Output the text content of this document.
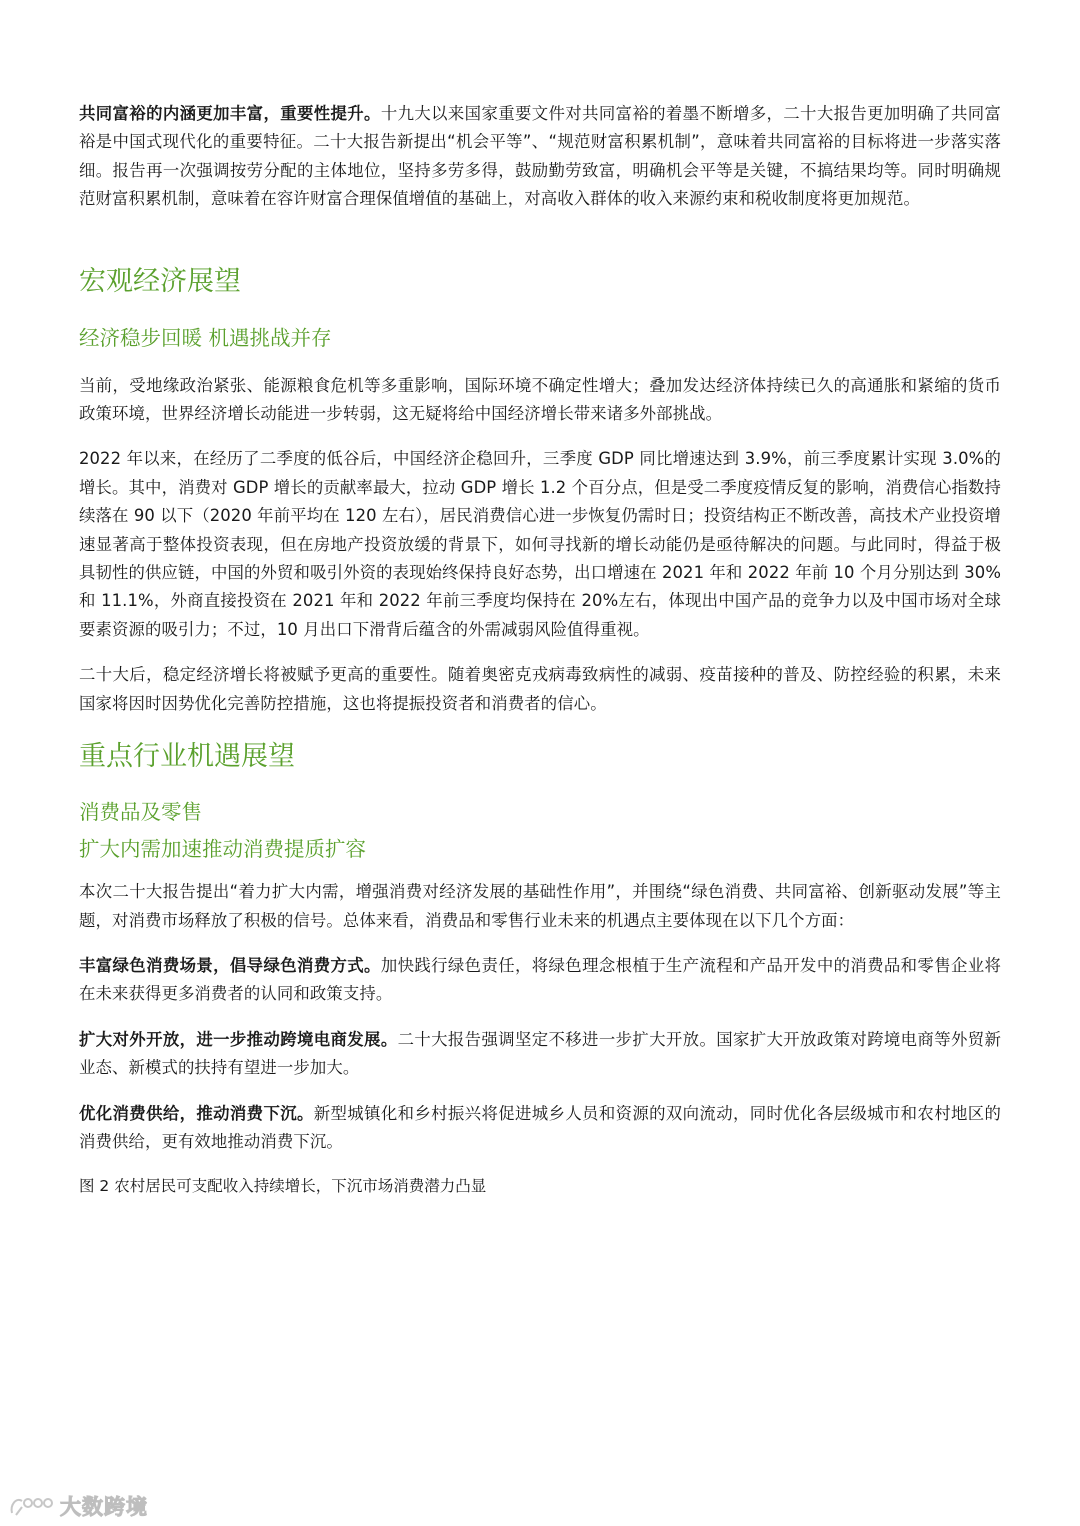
共同富裕的内涵更加丰富，重要性提升。十九大以来国家重要文件对共同富裕的着墨不断增多，二十大报告更加明确了共同富裕是中国式现代化的重要特征。二十大报告新提出“机会平等”、“规范财富积累机制”，意味着共同富裕的目标将进一步落实落细。报告再一次强调按劳分配的主体地位，坚持多劳多得，鼓励勤劳致富，明确机会平等是关键，不搞结果均等。同时明确规范财富积累机制，意味着在容许财富合理保值增值的基础上，对高收入群体的收入来源约束和税收制度将更加规范。

宏观经济展望
经济稳步回暖 机遇挑战并存

当前，受地缘政治紧张、能源粮食危机等多重影响，国际环境不确定性增大；叠加发达经济体持续已久的高通胀和紧缩的货币政策环境，世界经济增长动能进一步转弱，这无疑将给中国经济增长带来诸多外部挑战。

2022 年以来，在经历了二季度的低谷后，中国经济企稳回升，三季度 GDP 同比增速达到 3.9%，前三季度累计实现 3.0%的增长。其中，消费对 GDP 增长的贡献率最大，拉动 GDP 增长 1.2 个百分点，但是受二季度疫情反复的影响，消费信心指数持续落在 90 以下（2020 年前平均在 120 左右），居民消费信心进一步恢复仍需时日；投资结构正不断改善，高技术产业投资增速显著高于整体投资表现，但在房地产投资放缓的背景下，如何寻找新的增长动能仍是亟待解决的问题。与此同时，得益于极具韧性的供应链，中国的外贸和吸引外资的表现始终保持良好态势，出口增速在 2021 年和 2022 年前 10 个月分别达到 30%和 11.1%，外商直接投资在 2021 年和 2022 年前三季度均保持在 20%左右，体现出中国产品的竞争力以及中国市场对全球要素资源的吸引力；不过，10 月出口下滑背后蕴含的外需减弱风险值得重视。

二十大后，稳定经济增长将被赋予更高的重要性。随着奥密克戎病毒致病性的减弱、疫苗接种的普及、防控经验的积累，未来国家将因时因势优化完善防控措施，这也将提振投资者和消费者的信心。

重点行业机遇展望
消费品及零售
扩大内需加速推动消费提质扩容

本次二十大报告提出“着力扩大内需，增强消费对经济发展的基础性作用”，并围绕“绿色消费、共同富裕、创新驱动发展”等主题，对消费市场释放了积极的信号。总体来看，消费品和零售行业未来的机遇点主要体现在以下几个方面：

丰富绿色消费场景，倡导绿色消费方式。加快践行绿色责任，将绿色理念根植于生产流程和产品开发中的消费品和零售企业将在未来获得更多消费者的认同和政策支持。

扩大对外开放，进一步推动跨境电商发展。二十大报告强调坚定不移进一步扩大开放。国家扩大开放政策对跨境电商等外贸新业态、新模式的扶持有望进一步加大。

优化消费供给，推动消费下沉。新型城镇化和乡村振兴将促进城乡人员和资源的双向流动，同时优化各层级城市和农村地区的消费供给，更有效地推动消费下沉。

图 2 农村居民可支配收入持续增长，下沉市场消费潜力凸显

大数跨境
